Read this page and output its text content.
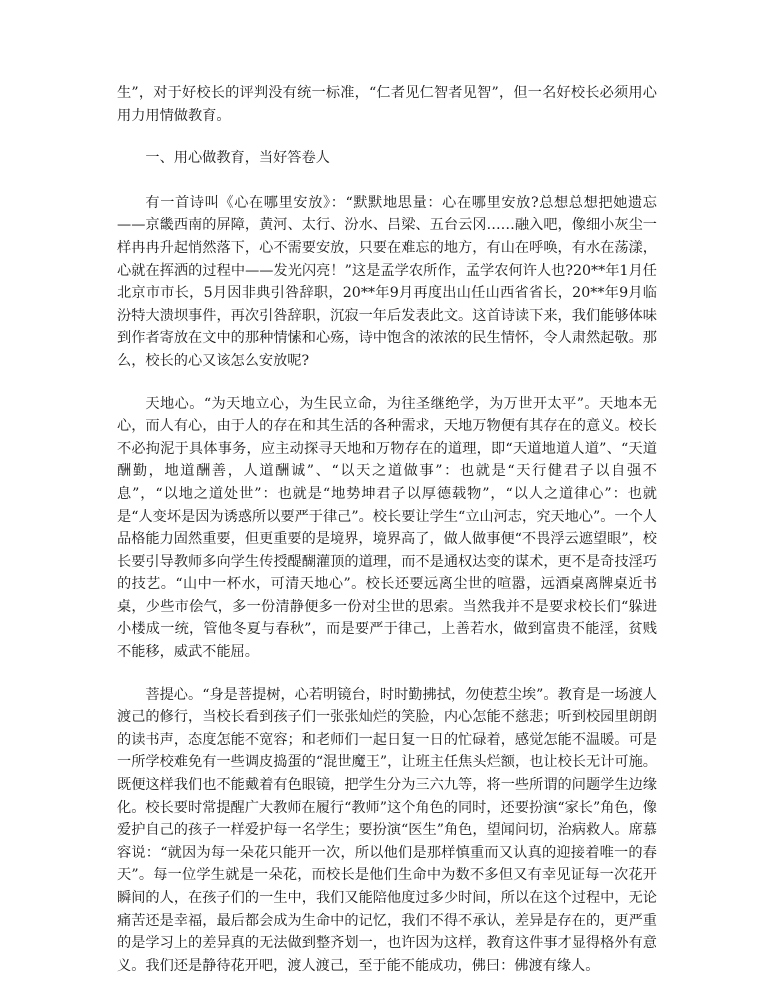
生”，对于好校长的评判没有统一标准，“仁者见仁智者见智”，但一名好校长必须用心用力用情做教育。

一、用心做教育，当好答卷人

有一首诗叫《心在哪里安放》：“默默地思量：心在哪里安放?总想总想把她遗忘——京畿西南的屏障，黄河、太行、汾水、吕梁、五台云冈……融入吧，像细小灰尘一样冉冉升起悄然落下，心不需要安放，只要在难忘的地方，有山在呼唤，有水在荡漾，心就在挥洒的过程中——发光闪亮！”这是孟学农所作，孟学农何许人也?20**年1月任北京市市长，5月因非典引咎辞职，20**年9月再度出山任山西省省长，20**年9月临汾特大溃坝事件，再次引咎辞职，沉寂一年后发表此文。这首诗读下来，我们能够体味到作者寄放在文中的那种情愫和心殇，诗中饱含的浓浓的民生情怀，令人肃然起敬。那么，校长的心又该怎么安放呢?

天地心。“为天地立心，为生民立命，为往圣继绝学，为万世开太平”。天地本无心，而人有心，由于人的存在和其生活的各种需求，天地万物便有其存在的意义。校长不必拘泥于具体事务，应主动探寻天地和万物存在的道理，即“天道地道人道”、“天道酬勤，地道酬善，人道酬诚”、“以天之道做事”：也就是“天行健君子以自强不息”，“以地之道处世”：也就是“地势坤君子以厚德载物”，“以人之道律心”：也就是“人变坏是因为诱惑所以要严于律己”。校长要让学生“立山河志，究天地心”。一个人品格能力固然重要，但更重要的是境界，境界高了，做人做事便“不畏浮云遮望眼”，校长要引导教师多向学生传授醍醐灌顶的道理，而不是通权达变的谋术，更不是奇技淫巧的技艺。“山中一杯水，可清天地心”。校长还要远离尘世的喧嚣，远酒桌离牌桌近书桌，少些市侩气，多一份清静便多一份对尘世的思索。当然我并不是要求校长们“躲进小楼成一统，管他冬夏与春秋”，而是要严于律己，上善若水，做到富贵不能淫，贫贱不能移，威武不能屈。

菩提心。“身是菩提树，心若明镜台，时时勤拂拭，勿使惹尘埃”。教育是一场渡人渡己的修行，当校长看到孩子们一张张灿烂的笑脸，内心怎能不慈悲；听到校园里朗朗的读书声，态度怎能不宽容；和老师们一起日复一日的忙碌着，感觉怎能不温暖。可是一所学校难免有一些调皮捣蛋的“混世魔王”，让班主任焦头烂额，也让校长无计可施。既便这样我们也不能戴着有色眼镜，把学生分为三六九等，将一些所谓的问题学生边缘化。校长要时常提醒广大教师在履行“教师”这个角色的同时，还要扮演“家长”角色，像爱护自己的孩子一样爱护每一名学生；要扮演“医生”角色，望闻问切，治病救人。席慕容说：“就因为每一朵花只能开一次，所以他们是那样慎重而又认真的迎接着唯一的春天”。每一位学生就是一朵花，而校长是他们生命中为数不多但又有幸见证每一次花开瞬间的人，在孩子们的一生中，我们又能陪他度过多少时间，所以在这个过程中，无论痛苦还是幸福，最后都会成为生命中的记忆，我们不得不承认，差异是存在的，更严重的是学习上的差异真的无法做到整齐划一，也许因为这样，教育这件事才显得格外有意义。我们还是静待花开吧，渡人渡己，至于能不能成功，佛曰：佛渡有缘人。
